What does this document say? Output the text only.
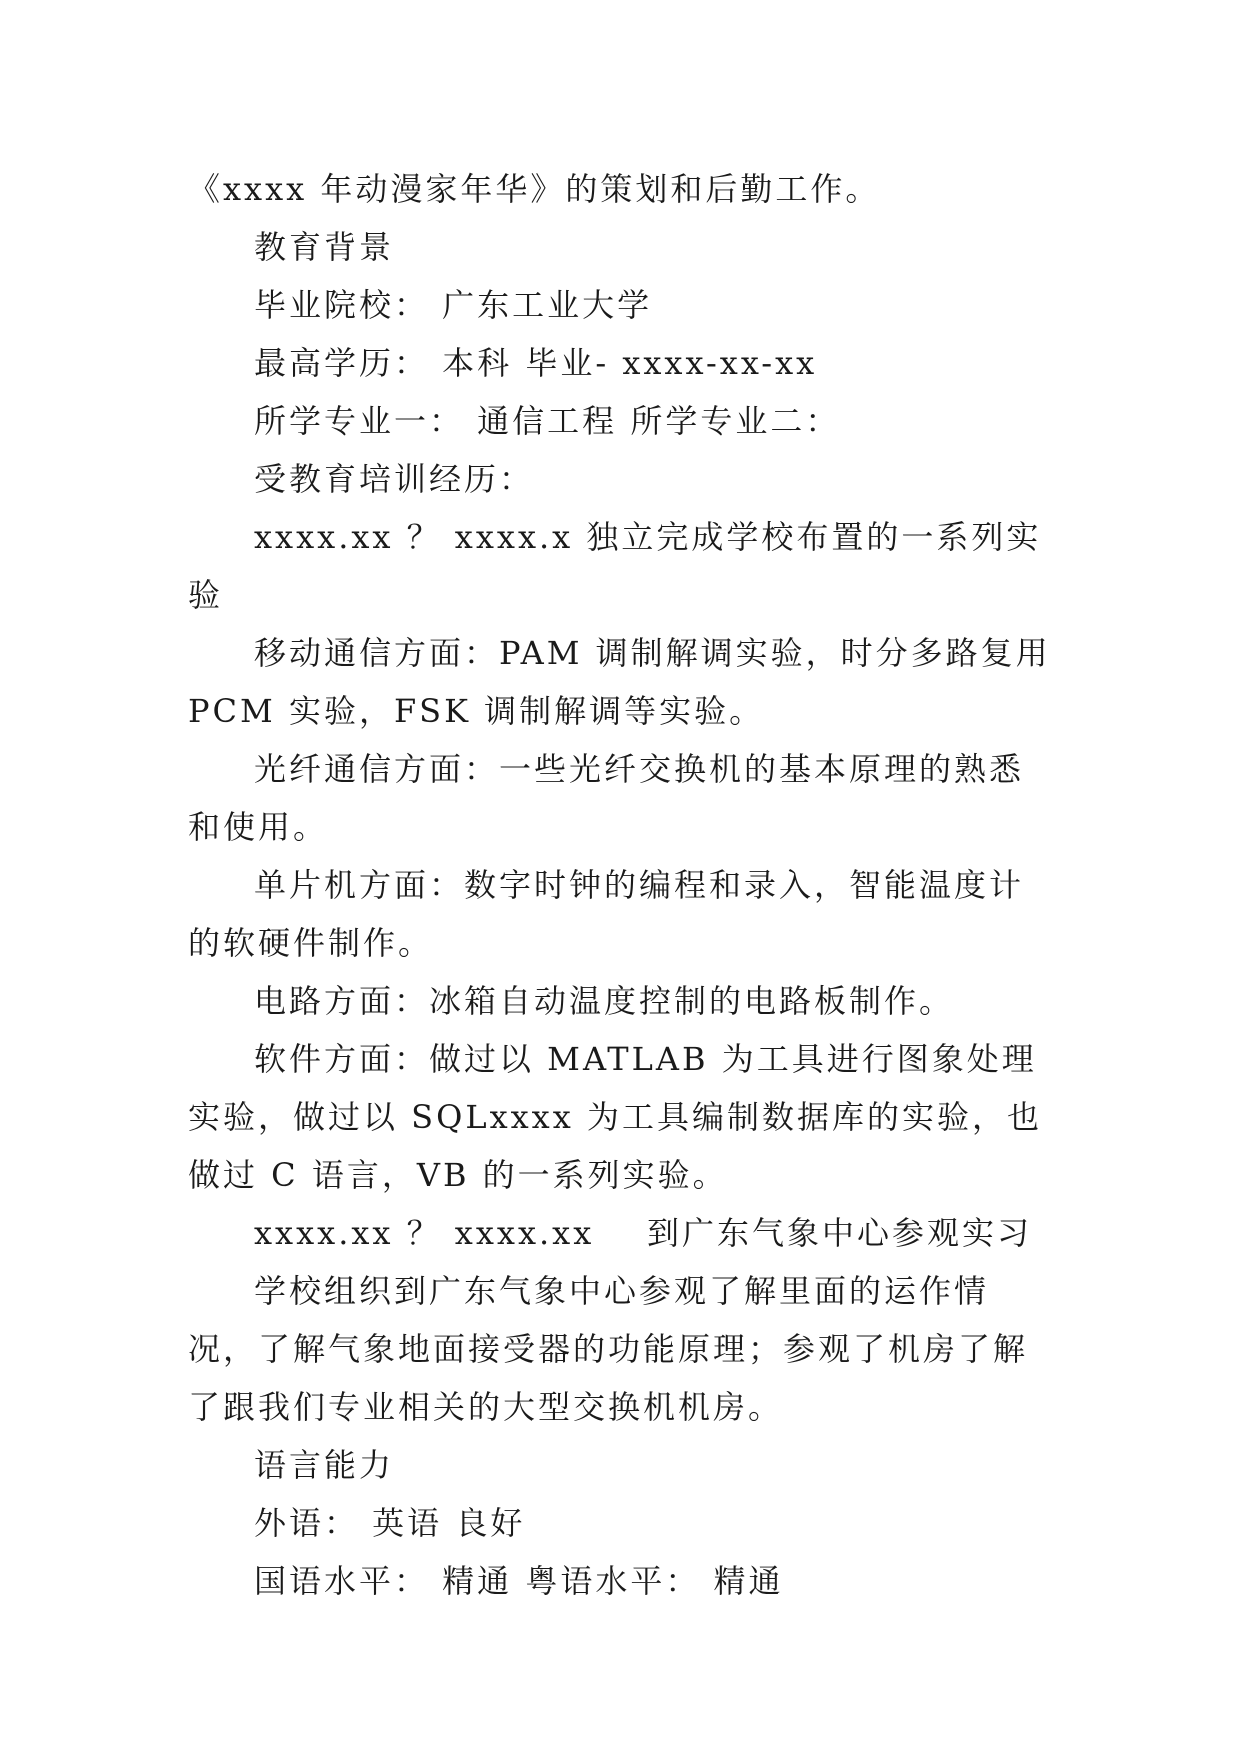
《xxxx 年动漫家年华》的策划和后勤工作。

教育背景

毕业院校： 广东工业大学

最高学历： 本科 毕业- xxxx-xx-xx

所学专业一： 通信工程 所学专业二：

受教育培训经历：

xxxx.xx ？ xxxx.x 独立完成学校布置的一系列实验

移动通信方面：PAM 调制解调实验，时分多路复用 PCM 实验，FSK 调制解调等实验。

光纤通信方面：一些光纤交换机的基本原理的熟悉和使用。

单片机方面：数字时钟的编程和录入，智能温度计的软硬件制作。

电路方面：冰箱自动温度控制的电路板制作。

软件方面：做过以 MATLAB 为工具进行图象处理实验，做过以 SQLxxxx 为工具编制数据库的实验，也做过 C 语言，VB 的一系列实验。

xxxx.xx ？ xxxx.xx    到广东气象中心参观实习

学校组织到广东气象中心参观了解里面的运作情况，了解气象地面接受器的功能原理；参观了机房了解了跟我们专业相关的大型交换机机房。

语言能力

外语： 英语 良好

国语水平： 精通 粤语水平： 精通
